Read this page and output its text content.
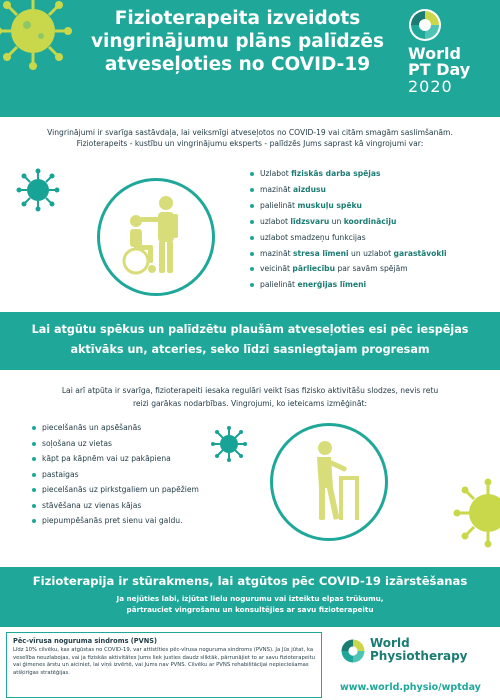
Fizioterapeita izveidots vingrinājumu plāns palīdzēs atveseļoties no COVID-19
World
PT Day
2020
Vingrinājumi ir svarīga sastāvdaļa, lai veiksmīgi atveseļotos no COVID-19 vai citām smagām saslimšanām.
Fizioterapeits - kustību un vingrinājumu eksperts - palīdzēs Jums saprast kā vingrojumi var:
Uzlabot fiziskās darba spējas
mazināt aizdusu
palielināt muskuļu spēku
uzlabot līdzsvaru un koordināciju
uzlabot smadzeņu funkcijas
mazināt stresa līmeni un uzlabot garastāvokli
veicināt pārliecību par savām spējām
palielināt enerģijas līmeni
Lai atgūtu spēkus un palīdzētu plaušām atveseļoties esi pēc iespējas
aktīvāks un, atceries, seko līdzi sasniegtajam progresam
Lai arī atpūta ir svarīga, fizioterapeiti iesaka regulāri veikt īsas fizisko aktivitāšu slodzes, nevis retu
reizi garākas nodarbības. Vingrojumi, ko ieteicams izmēģināt:
piecelšanās un apsēšanās
soļošana uz vietas
kāpt pa kāpnēm vai uz pakāpiena
pastaigas
piecelšanās uz pirkstgaliem un papēžiem
stāvēšana uz vienas kājas
piepumpēšanās pret sienu vai galdu.
Fizioterapija ir stūrakmens, lai atgūtos pēc COVID-19 izārstēšanas
Ja nejūties labi, izjūtat lielu nogurumu vai izteiktu elpas trūkumu,
pārtrauciet vingrošanu un konsultējies ar savu fizioterapeitu
Pēc-vīrusa noguruma sindroms (PVNS)
Līdz 10% cilvēku, kas atgūstas no COVID-19, var attīstīties pēc-vīrusa noguruma sindroms (PVNS). Ja Jūs jūtat, ka veselība neuzlabojas, vai ja fiziskās aktivitātes Jums liek justies daudz sliktāk, pārrunājiet to ar savu fizioterapeitu vai ģimenes ārstu un aiciniet, lai viņš izvērtē, vai Jums nav PVNS. Cilvēku ar PVNS rehabilitācijai nepieciešamas atšķirīgas stratēģijas.
World
Physiotherapy
www.world.physio/wptday
